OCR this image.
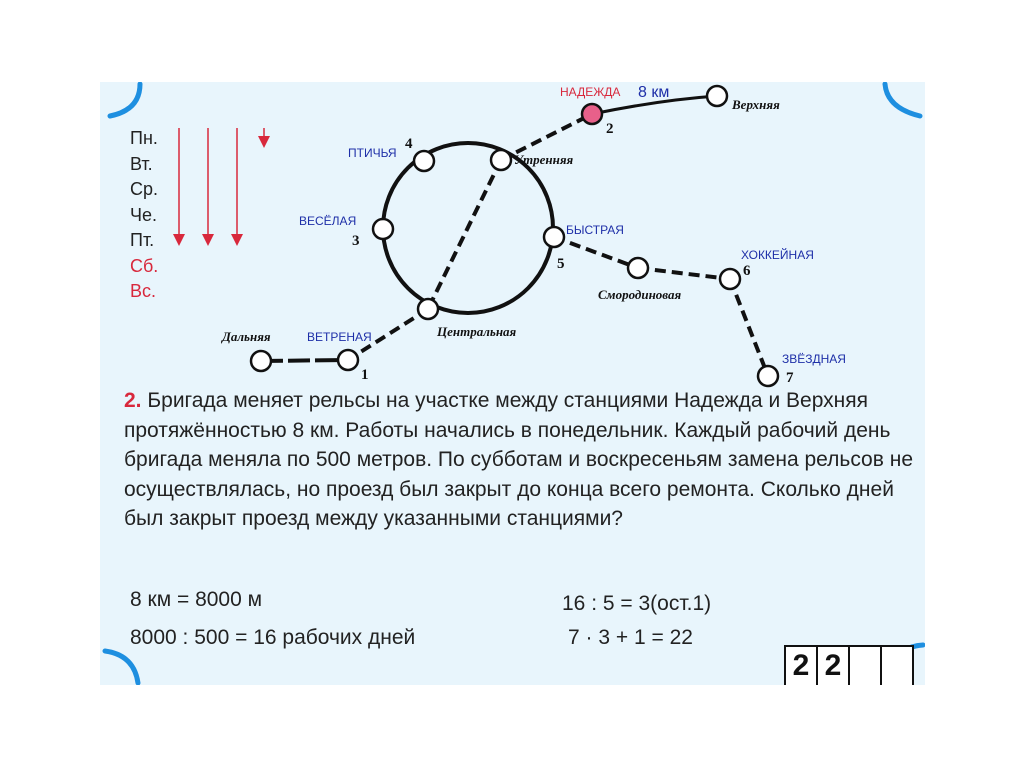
Пн.
Вт.
Ср.
Че.
Пт.
Сб.
Вс.
НАДЕЖДА 8 км
Верхняя
ПТИЧЬЯ	Утренняя
ВЕСЁЛАЯ
БЫСТРАЯ
ХОККЕЙНАЯ
Смородиновая
Дальняя	ВЕТРЕНАЯ	Центральная
ЗВЁЗДНАЯ
1
2
3
4
5	6
7
2. Бригада меняет рельсы на участке между станциями Надежда и Верхняя протяжённостью 8 км. Работы начались в понедельник. Каждый рабочий день бригада меняла по 500 метров. По субботам и воскресеньям замена рельсов не осуществлялась, но проезд был закрыт до конца всего ремонта. Сколько дней был закрыт проезд между указанными станциями?
8 км = 8000 м
8000 : 500 = 16 рабочих дней
16 : 5 = 3(ост.1)
7 · 3 + 1 = 22
2 2
